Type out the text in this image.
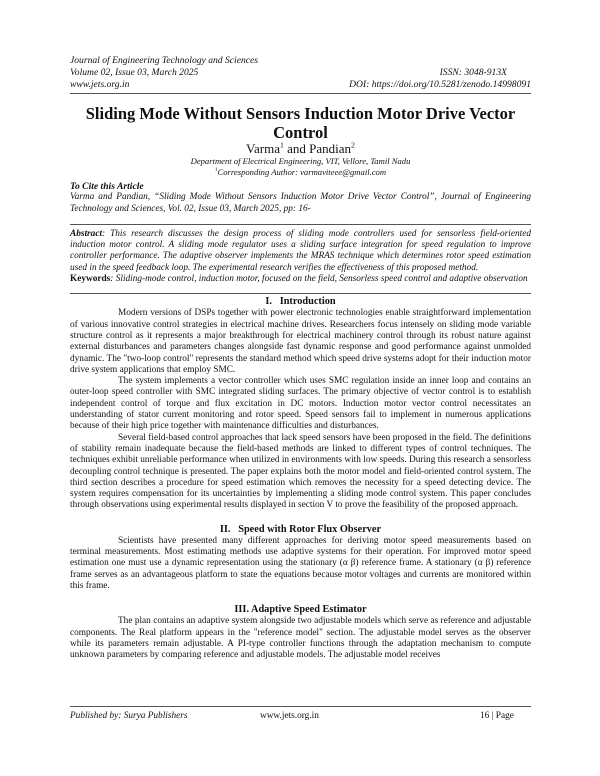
Journal of Engineering Technology and Sciences
Volume 02, Issue 03, March 2025	ISSN: 3048-913X
www.jets.org.in	DOI: https://doi.org/10.5281/zenodo.14998091
Sliding Mode Without Sensors Induction Motor Drive Vector Control
Varma$^1$ and Pandian$^2$
Department of Electrical Engineering, VIT, Vellore, Tamil Nadu
$^1$Corresponding Author: varmaviteee@gmail.com
To Cite this Article
Varma and Pandian, “Sliding Mode Without Sensors Induction Motor Drive Vector Control”, Journal of Engineering Technology and Sciences, Vol. 02, Issue 03, March 2025, pp: 16-
Abstract: This research discusses the design process of sliding mode controllers used for sensorless field-oriented induction motor control. A sliding mode regulator uses a sliding surface integration for speed regulation to improve controller performance. The adaptive observer implements the MRAS technique which determines rotor speed estimation used in the speed feedback loop. The experimental research verifies the effectiveness of this proposed method.
Keywords: Sliding-mode control, induction motor, focused on the field, Sensorless speed control and adaptive observation
I.   Introduction

Modern versions of DSPs together with power electronic technologies enable straightforward implementation of various innovative control strategies in electrical machine drives. Researchers focus intensely on sliding mode variable structure control as it represents a major breakthrough for electrical machinery control through its robust nature against external disturbances and parameters changes alongside fast dynamic response and good performance against unmolded dynamic. The "two-loop control" represents the standard method which speed drive systems adopt for their induction motor drive system applications that employ SMC.

The system implements a vector controller which uses SMC regulation inside an inner loop and contains an outer-loop speed controller with SMC integrated sliding surfaces. The primary objective of vector control is to establish independent control of torque and flux excitation in DC motors. Induction motor vector control necessitates an understanding of stator current monitoring and rotor speed. Speed sensors fail to implement in numerous applications because of their high price together with maintenance difficulties and disturbances.

Several field-based control approaches that lack speed sensors have been proposed in the field. The definitions of stability remain inadequate because the field-based methods are linked to different types of control techniques. The techniques exhibit unreliable performance when utilized in environments with low speeds. During this research a sensorless decoupling control technique is presented. The paper explains both the motor model and field-oriented control system. The third section describes a procedure for speed estimation which removes the necessity for a speed detecting device. The system requires compensation for its uncertainties by implementing a sliding mode control system. This paper concludes through observations using experimental results displayed in section V to prove the feasibility of the proposed approach.

II.   Speed with Rotor Flux Observer

Scientists have presented many different approaches for deriving motor speed measurements based on terminal measurements. Most estimating methods use adaptive systems for their operation. For improved motor speed estimation one must use a dynamic representation using the stationary (α β) reference frame. A stationary (α β) reference frame serves as an advantageous platform to state the equations because motor voltages and currents are monitored within this frame.

III. Adaptive Speed Estimator

The plan contains an adaptive system alongside two adjustable models which serve as reference and adjustable components. The Real platform appears in the "reference model" section. The adjustable model serves as the observer while its parameters remain adjustable. A PI-type controller functions through the adaptation mechanism to compute unknown parameters by comparing reference and adjustable models. The adjustable model receives

Published by: Surya Publishers	www.jets.org.in	16 | Page
